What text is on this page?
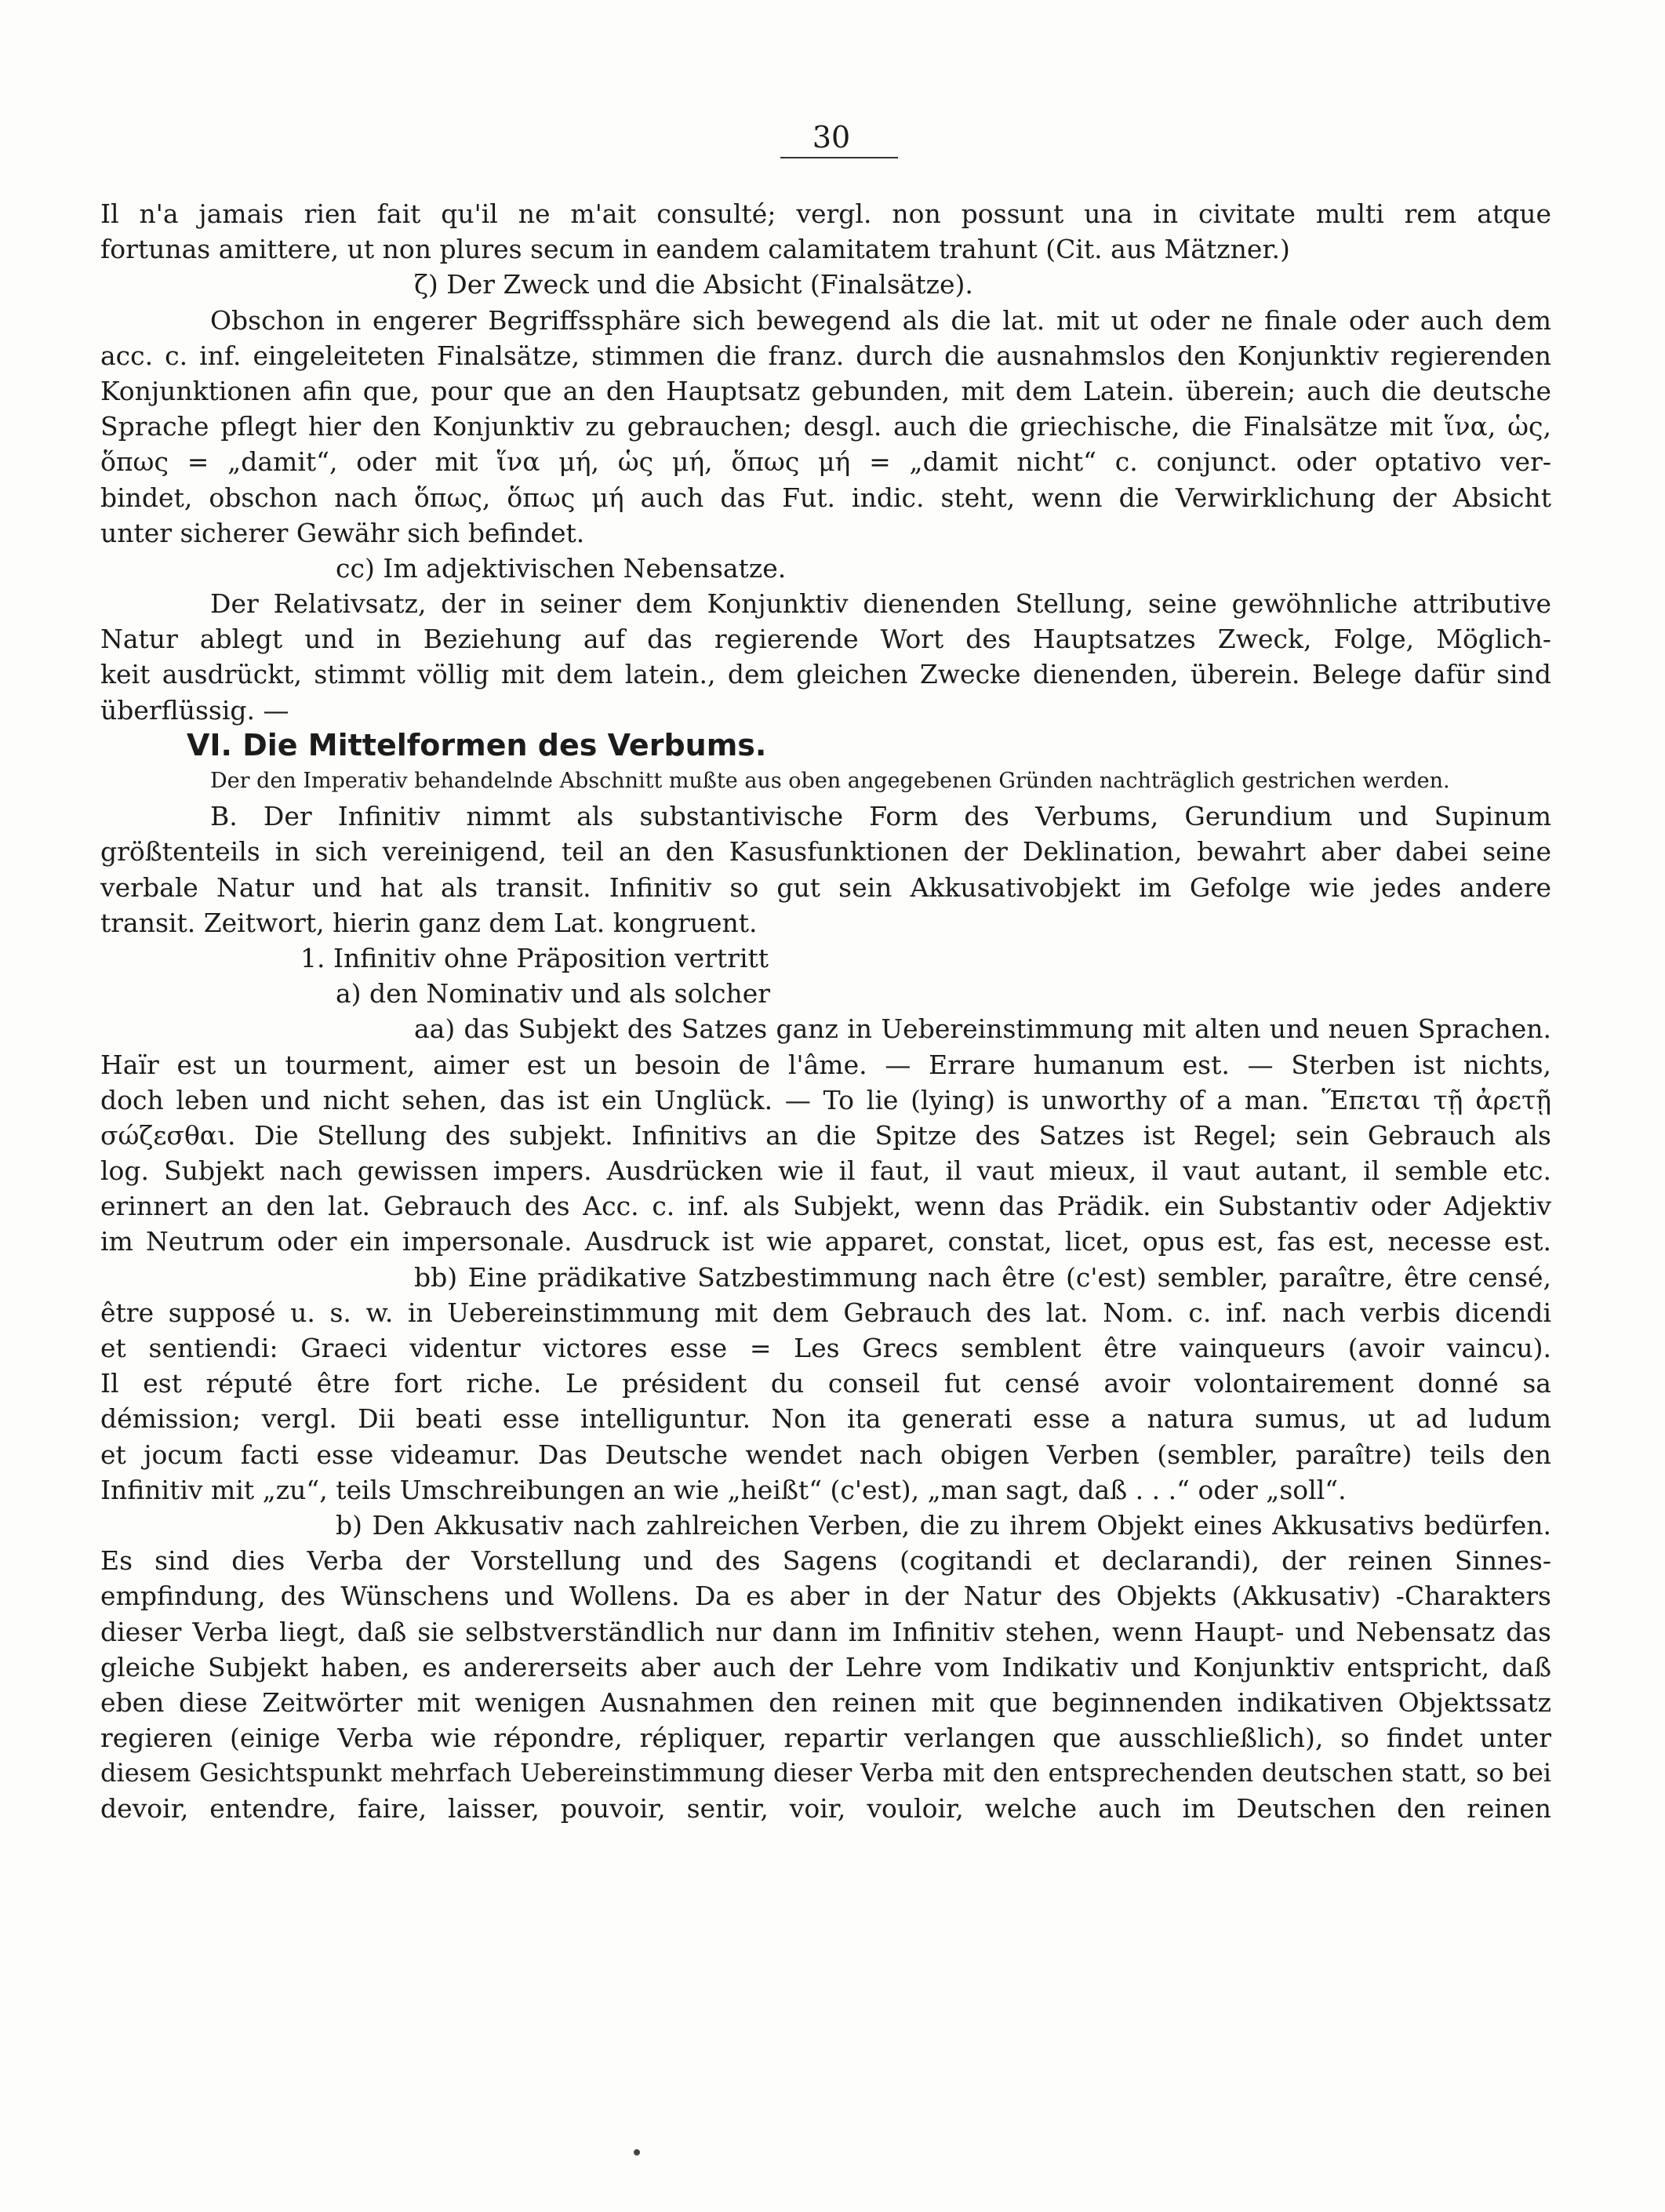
30
Il n'a jamais rien fait qu'il ne m'ait consulté; vergl. non possunt una in civitate multi rem atque
fortunas amittere, ut non plures secum in eandem calamitatem trahunt (Cit. aus Mätzner.)
ζ) Der Zweck und die Absicht (Finalsätze).
Obschon in engerer Begriffssphäre sich bewegend als die lat. mit ut oder ne finale oder auch dem
acc. c. inf. eingeleiteten Finalsätze, stimmen die franz. durch die ausnahmslos den Konjunktiv regierenden
Konjunktionen afin que, pour que an den Hauptsatz gebunden, mit dem Latein. überein; auch die deutsche
Sprache pflegt hier den Konjunktiv zu gebrauchen; desgl. auch die griechische, die Finalsätze mit ἵνα, ὡς,
ὅπως = „damit“, oder mit ἵνα μή, ὡς μή, ὅπως μή = „damit nicht“ c. conjunct. oder optativo ver-
bindet, obschon nach ὅπως, ὅπως μή auch das Fut. indic. steht, wenn die Verwirklichung der Absicht
unter sicherer Gewähr sich befindet.
cc) Im adjektivischen Nebensatze.
Der Relativsatz, der in seiner dem Konjunktiv dienenden Stellung, seine gewöhnliche attributive
Natur ablegt und in Beziehung auf das regierende Wort des Hauptsatzes Zweck, Folge, Möglich-
keit ausdrückt, stimmt völlig mit dem latein., dem gleichen Zwecke dienenden, überein. Belege dafür sind
überflüssig. —
VI. Die Mittelformen des Verbums.
Der den Imperativ behandelnde Abschnitt mußte aus oben angegebenen Gründen nachträglich gestrichen werden.
B. Der Infinitiv nimmt als substantivische Form des Verbums, Gerundium und Supinum
größtenteils in sich vereinigend, teil an den Kasusfunktionen der Deklination, bewahrt aber dabei seine
verbale Natur und hat als transit. Infinitiv so gut sein Akkusativobjekt im Gefolge wie jedes andere
transit. Zeitwort, hierin ganz dem Lat. kongruent.
1. Infinitiv ohne Präposition vertritt
a) den Nominativ und als solcher
aa) das Subjekt des Satzes ganz in Uebereinstimmung mit alten und neuen Sprachen.
Haïr est un tourment, aimer est un besoin de l'âme. — Errare humanum est. — Sterben ist nichts,
doch leben und nicht sehen, das ist ein Unglück. — To lie (lying) is unworthy of a man. Ἕπεται τῇ ἀρετῇ
σώζεσθαι. Die Stellung des subjekt. Infinitivs an die Spitze des Satzes ist Regel; sein Gebrauch als
log. Subjekt nach gewissen impers. Ausdrücken wie il faut, il vaut mieux, il vaut autant, il semble etc.
erinnert an den lat. Gebrauch des Acc. c. inf. als Subjekt, wenn das Prädik. ein Substantiv oder Adjektiv
im Neutrum oder ein impersonale. Ausdruck ist wie apparet, constat, licet, opus est, fas est, necesse est.
bb) Eine prädikative Satzbestimmung nach être (c'est) sembler, paraître, être censé,
être supposé u. s. w. in Uebereinstimmung mit dem Gebrauch des lat. Nom. c. inf. nach verbis dicendi
et sentiendi: Graeci videntur victores esse = Les Grecs semblent être vainqueurs (avoir vaincu).
Il est réputé être fort riche. Le président du conseil fut censé avoir volontairement donné sa
démission; vergl. Dii beati esse intelliguntur. Non ita generati esse a natura sumus, ut ad ludum
et jocum facti esse videamur. Das Deutsche wendet nach obigen Verben (sembler, paraître) teils den
Infinitiv mit „zu“, teils Umschreibungen an wie „heißt“ (c'est), „man sagt, daß . . .“ oder „soll“.
b) Den Akkusativ nach zahlreichen Verben, die zu ihrem Objekt eines Akkusativs bedürfen.
Es sind dies Verba der Vorstellung und des Sagens (cogitandi et declarandi), der reinen Sinnes-
empfindung, des Wünschens und Wollens. Da es aber in der Natur des Objekts (Akkusativ) -Charakters
dieser Verba liegt, daß sie selbstverständlich nur dann im Infinitiv stehen, wenn Haupt- und Nebensatz das
gleiche Subjekt haben, es andererseits aber auch der Lehre vom Indikativ und Konjunktiv entspricht, daß
eben diese Zeitwörter mit wenigen Ausnahmen den reinen mit que beginnenden indikativen Objektssatz
regieren (einige Verba wie répondre, répliquer, repartir verlangen que ausschließlich), so findet unter
diesem Gesichtspunkt mehrfach Uebereinstimmung dieser Verba mit den entsprechenden deutschen statt, so bei
devoir, entendre, faire, laisser, pouvoir, sentir, voir, vouloir, welche auch im Deutschen den reinen
